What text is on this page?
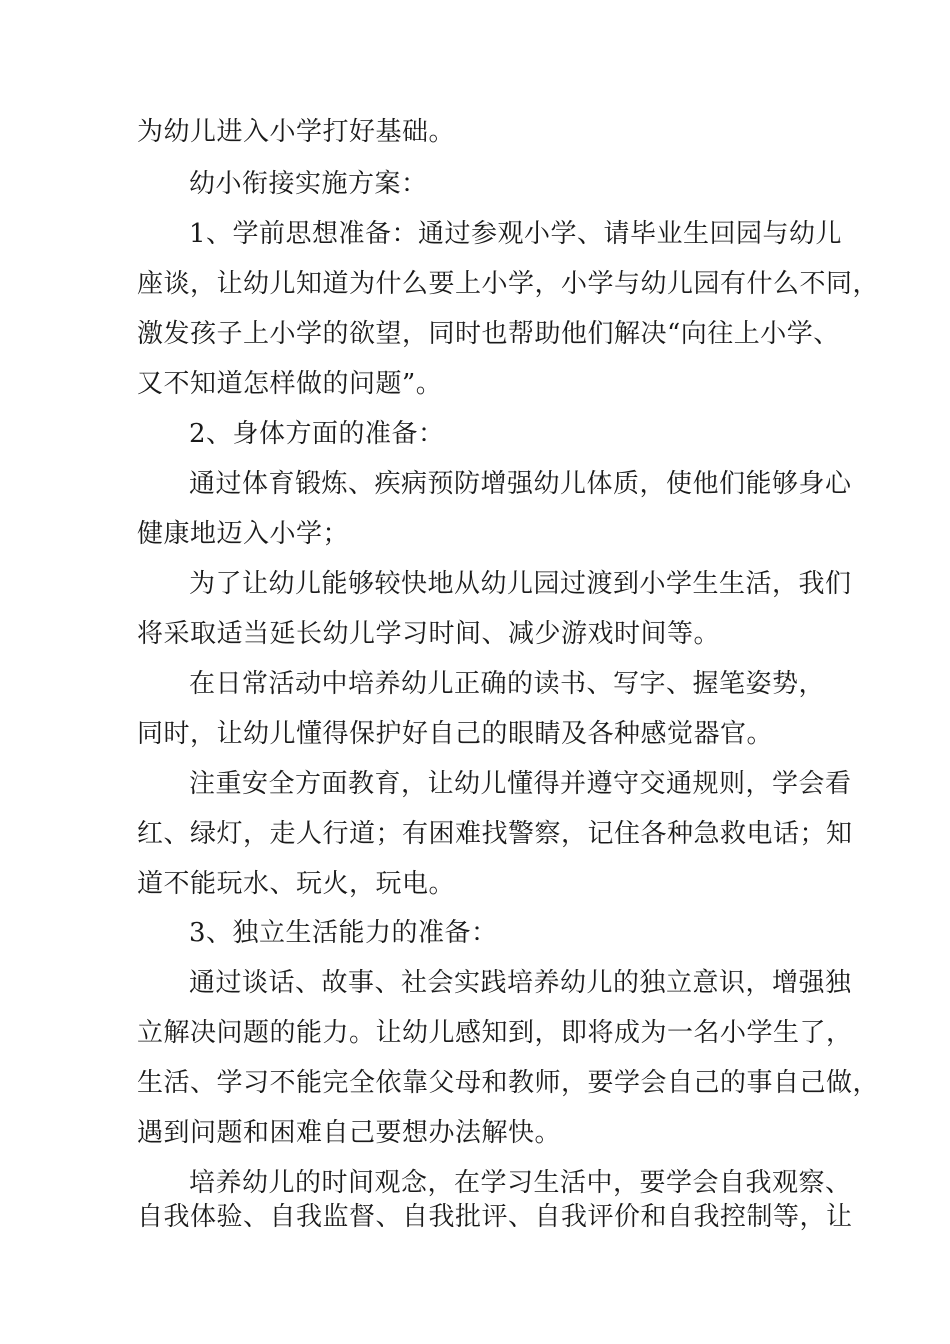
为幼儿进入小学打好基础。
幼小衔接实施方案：
1、学前思想准备：通过参观小学、请毕业生回园与幼儿
座谈，让幼儿知道为什么要上小学，小学与幼儿园有什么不同，
激发孩子上小学的欲望，同时也帮助他们解决“向往上小学、
又不知道怎样做的问题”。
2、身体方面的准备：
通过体育锻炼、疾病预防增强幼儿体质，使他们能够身心
健康地迈入小学；
为了让幼儿能够较快地从幼儿园过渡到小学生生活，我们
将采取适当延长幼儿学习时间、减少游戏时间等。
在日常活动中培养幼儿正确的读书、写字、握笔姿势，
同时，让幼儿懂得保护好自己的眼睛及各种感觉器官。
注重安全方面教育，让幼儿懂得并遵守交通规则，学会看
红、绿灯，走人行道；有困难找警察，记住各种急救电话；知
道不能玩水、玩火，玩电。
3、独立生活能力的准备：
通过谈话、故事、社会实践培养幼儿的独立意识，增强独
立解决问题的能力。让幼儿感知到，即将成为一名小学生了，
生活、学习不能完全依靠父母和教师，要学会自己的事自己做，
遇到问题和困难自己要想办法解快。
培养幼儿的时间观念，在学习生活中，要学会自我观察、
自我体验、自我监督、自我批评、自我评价和自我控制等，让
